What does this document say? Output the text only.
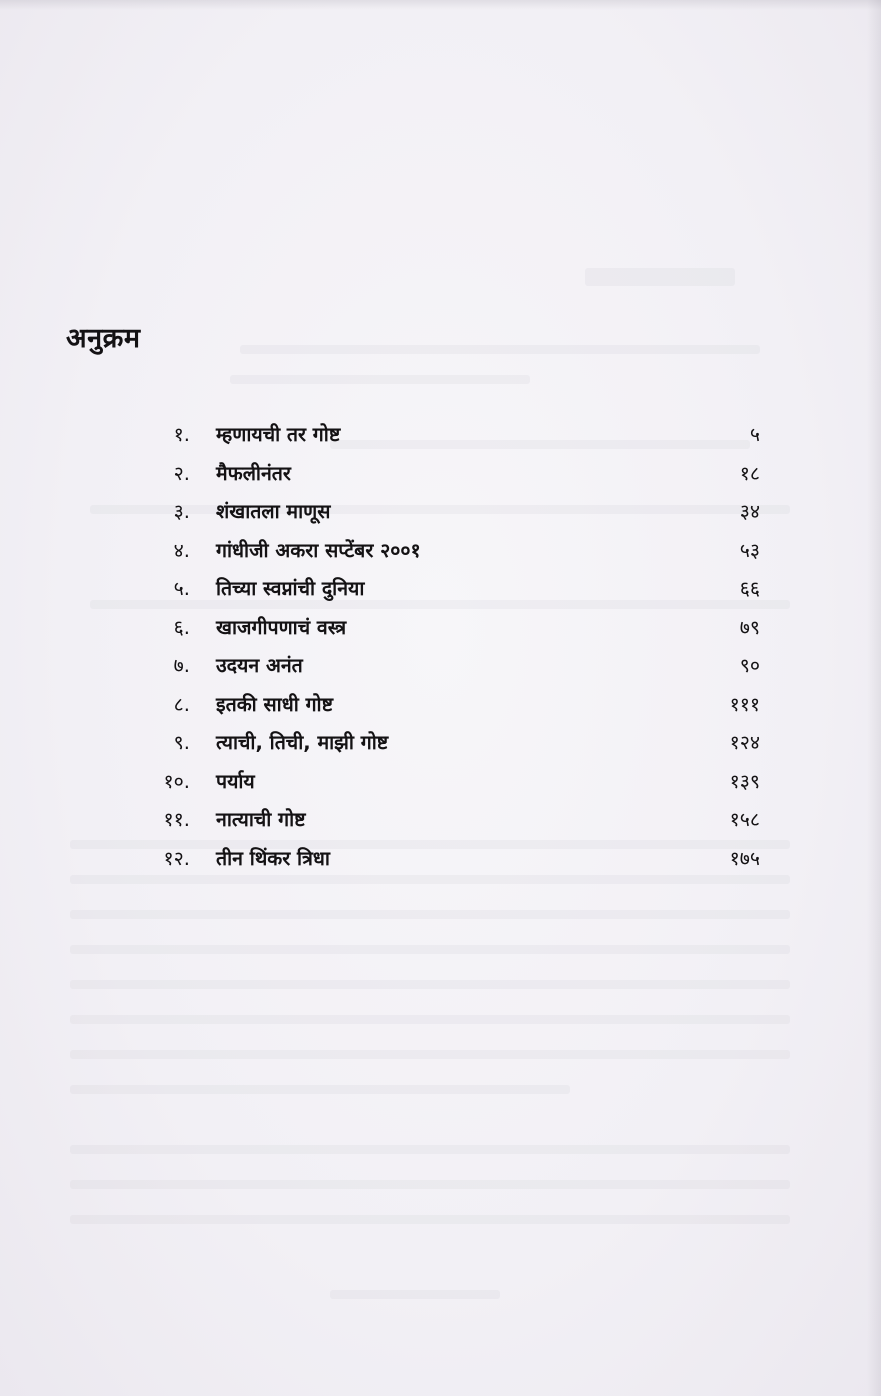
अनुक्रम
१. म्हणायची तर गोष्ट	५
२. मैफलीनंतर	१८
३. शंखातला माणूस	३४
४. गांधीजी अकरा सप्टेंबर २००१	५३
५. तिच्या स्वप्नांची दुनिया	६६
६. खाजगीपणाचं वस्त्र	७९
७. उदयन अनंत	९०
८. इतकी साधी गोष्ट	१११
९. त्याची, तिची, माझी गोष्ट	१२४
१०. पर्याय	१३९
११. नात्याची गोष्ट	१५८
१२. तीन थिंकर त्रिधा	१७५
